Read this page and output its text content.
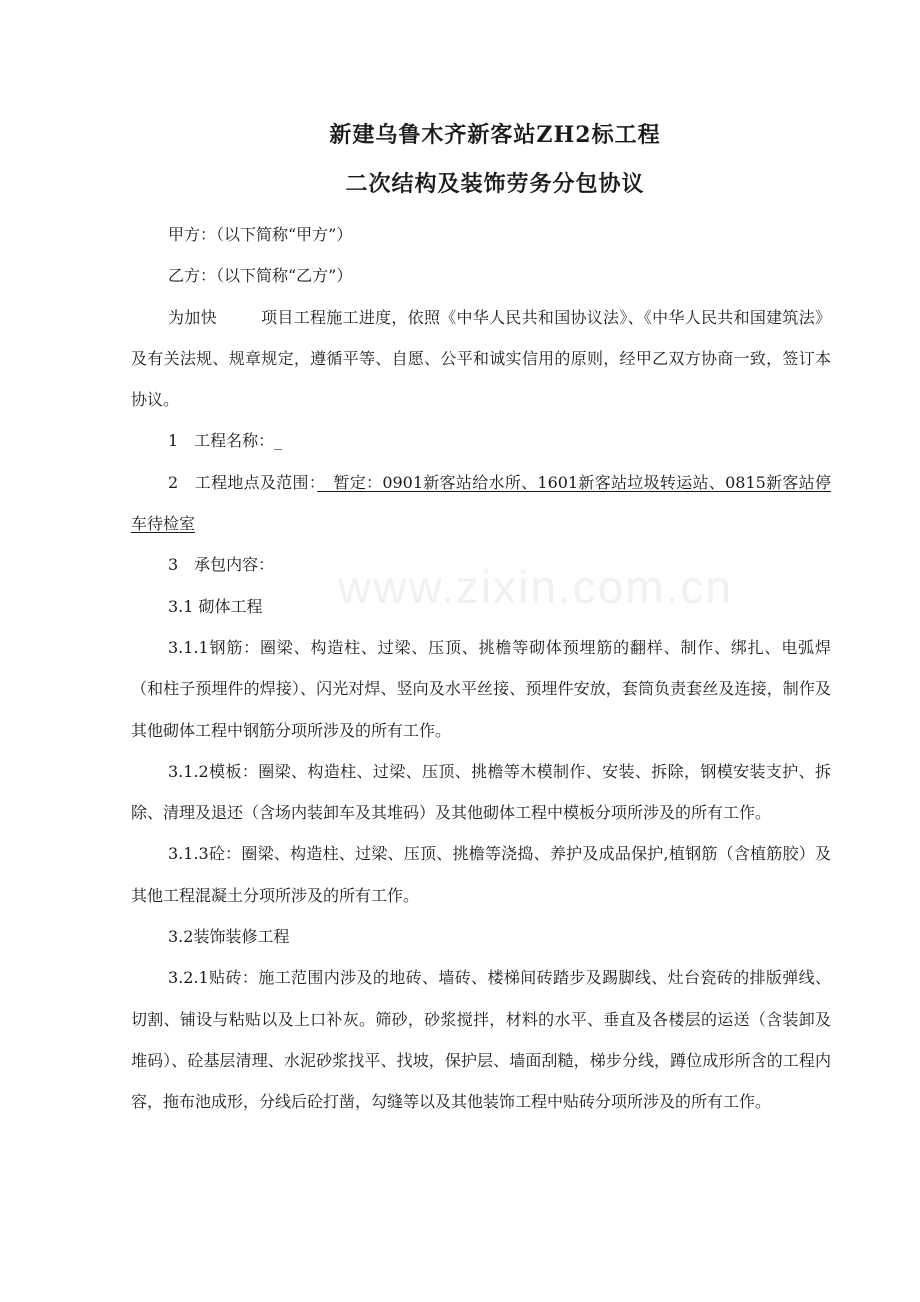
www.zixin.com.cn
新建乌鲁木齐新客站ZH2标工程
二次结构及装饰劳务分包协议

甲方：（以下简称“甲方”）

乙方：（以下简称“乙方”）

为加快	项目工程施工进度，依照《中华人民共和国协议法》、《中华人民共和国建筑法》及有关法规、规章规定，遵循平等、自愿、公平和诚实信用的原则，经甲乙双方协商一致，签订本协议。

1　工程名称：_

2　工程地点及范围：　暂定：0901新客站给水所、1601新客站垃圾转运站、0815新客站停车待检室

3　承包内容：

3.1 砌体工程

3.1.1钢筋：圈梁、构造柱、过梁、压顶、挑檐等砌体预埋筋的翻样、制作、绑扎、电弧焊（和柱子预埋件的焊接）、闪光对焊、竖向及水平丝接、预埋件安放，套筒负责套丝及连接，制作及其他砌体工程中钢筋分项所涉及的所有工作。

3.1.2模板：圈梁、构造柱、过梁、压顶、挑檐等木模制作、安装、拆除，钢模安装支护、拆除、清理及退还（含场内装卸车及其堆码）及其他砌体工程中模板分项所涉及的所有工作。

3.1.3砼：圈梁、构造柱、过梁、压顶、挑檐等浇捣、养护及成品保护,植钢筋（含植筋胶）及其他工程混凝土分项所涉及的所有工作。

3.2装饰装修工程

3.2.1贴砖：施工范围内涉及的地砖、墙砖、楼梯间砖踏步及踢脚线、灶台瓷砖的排版弹线、切割、铺设与粘贴以及上口补灰。筛砂，砂浆搅拌，材料的水平、垂直及各楼层的运送（含装卸及堆码）、砼基层清理、水泥砂浆找平、找坡，保护层、墙面刮糙，梯步分线，蹲位成形所含的工程内容，拖布池成形，分线后砼打凿，勾缝等以及其他装饰工程中贴砖分项所涉及的所有工作。
